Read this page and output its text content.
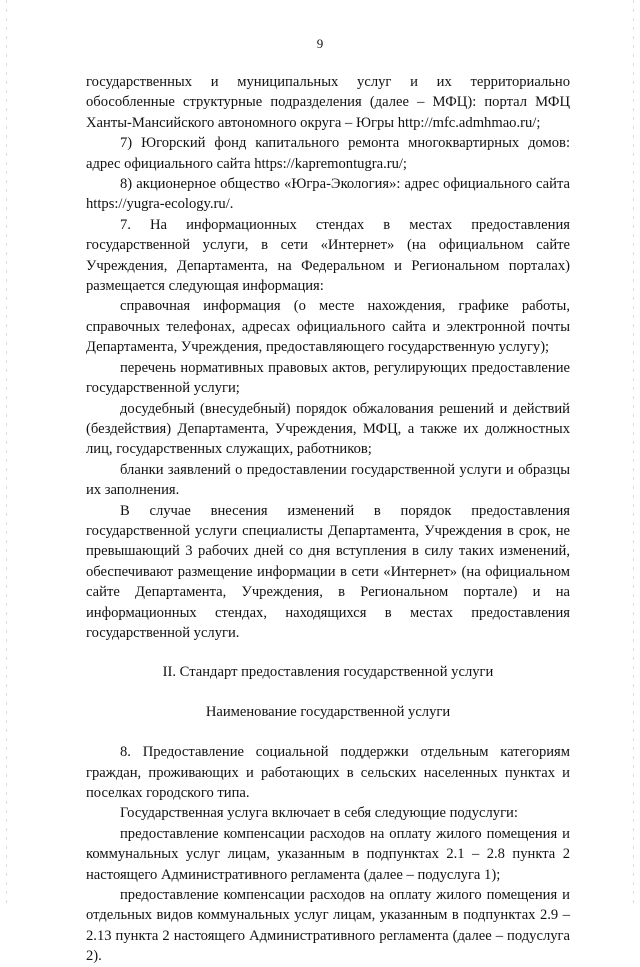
9

государственных и муниципальных услуг и их территориально обособленные структурные подразделения (далее – МФЦ): портал МФЦ Ханты-Мансийского автономного округа – Югры http://mfc.admhmao.ru/;

7) Югорский фонд капитального ремонта многоквартирных домов: адрес официального сайта https://kapremontugra.ru/;

8) акционерное общество «Югра-Экология»: адрес официального сайта https://yugra-ecology.ru/.

7. На информационных стендах в местах предоставления государственной услуги, в сети «Интернет» (на официальном сайте Учреждения, Департамента, на Федеральном и Региональном порталах) размещается следующая информация:

справочная информация (о месте нахождения, графике работы, справочных телефонах, адресах официального сайта и электронной почты Департамента, Учреждения, предоставляющего государственную услугу);

перечень нормативных правовых актов, регулирующих предоставление государственной услуги;

досудебный (внесудебный) порядок обжалования решений и действий (бездействия) Департамента, Учреждения, МФЦ, а также их должностных лиц, государственных служащих, работников;

бланки заявлений о предоставлении государственной услуги и образцы их заполнения.

В случае внесения изменений в порядок предоставления государственной услуги специалисты Департамента, Учреждения в срок, не превышающий 3 рабочих дней со дня вступления в силу таких изменений, обеспечивают размещение информации в сети «Интернет» (на официальном сайте Департамента, Учреждения, в Региональном портале) и на информационных стендах, находящихся в местах предоставления государственной услуги.

II. Стандарт предоставления государственной услуги

Наименование государственной услуги

8. Предоставление социальной поддержки отдельным категориям граждан, проживающих и работающих в сельских населенных пунктах и поселках городского типа.

Государственная услуга включает в себя следующие подуслуги:

предоставление компенсации расходов на оплату жилого помещения и коммунальных услуг лицам, указанным в подпунктах 2.1 – 2.8 пункта 2 настоящего Административного регламента (далее – подуслуга 1);

предоставление компенсации расходов на оплату жилого помещения и отдельных видов коммунальных услуг лицам, указанным в подпунктах 2.9 – 2.13 пункта 2 настоящего Административного регламента (далее – подуслуга 2).
